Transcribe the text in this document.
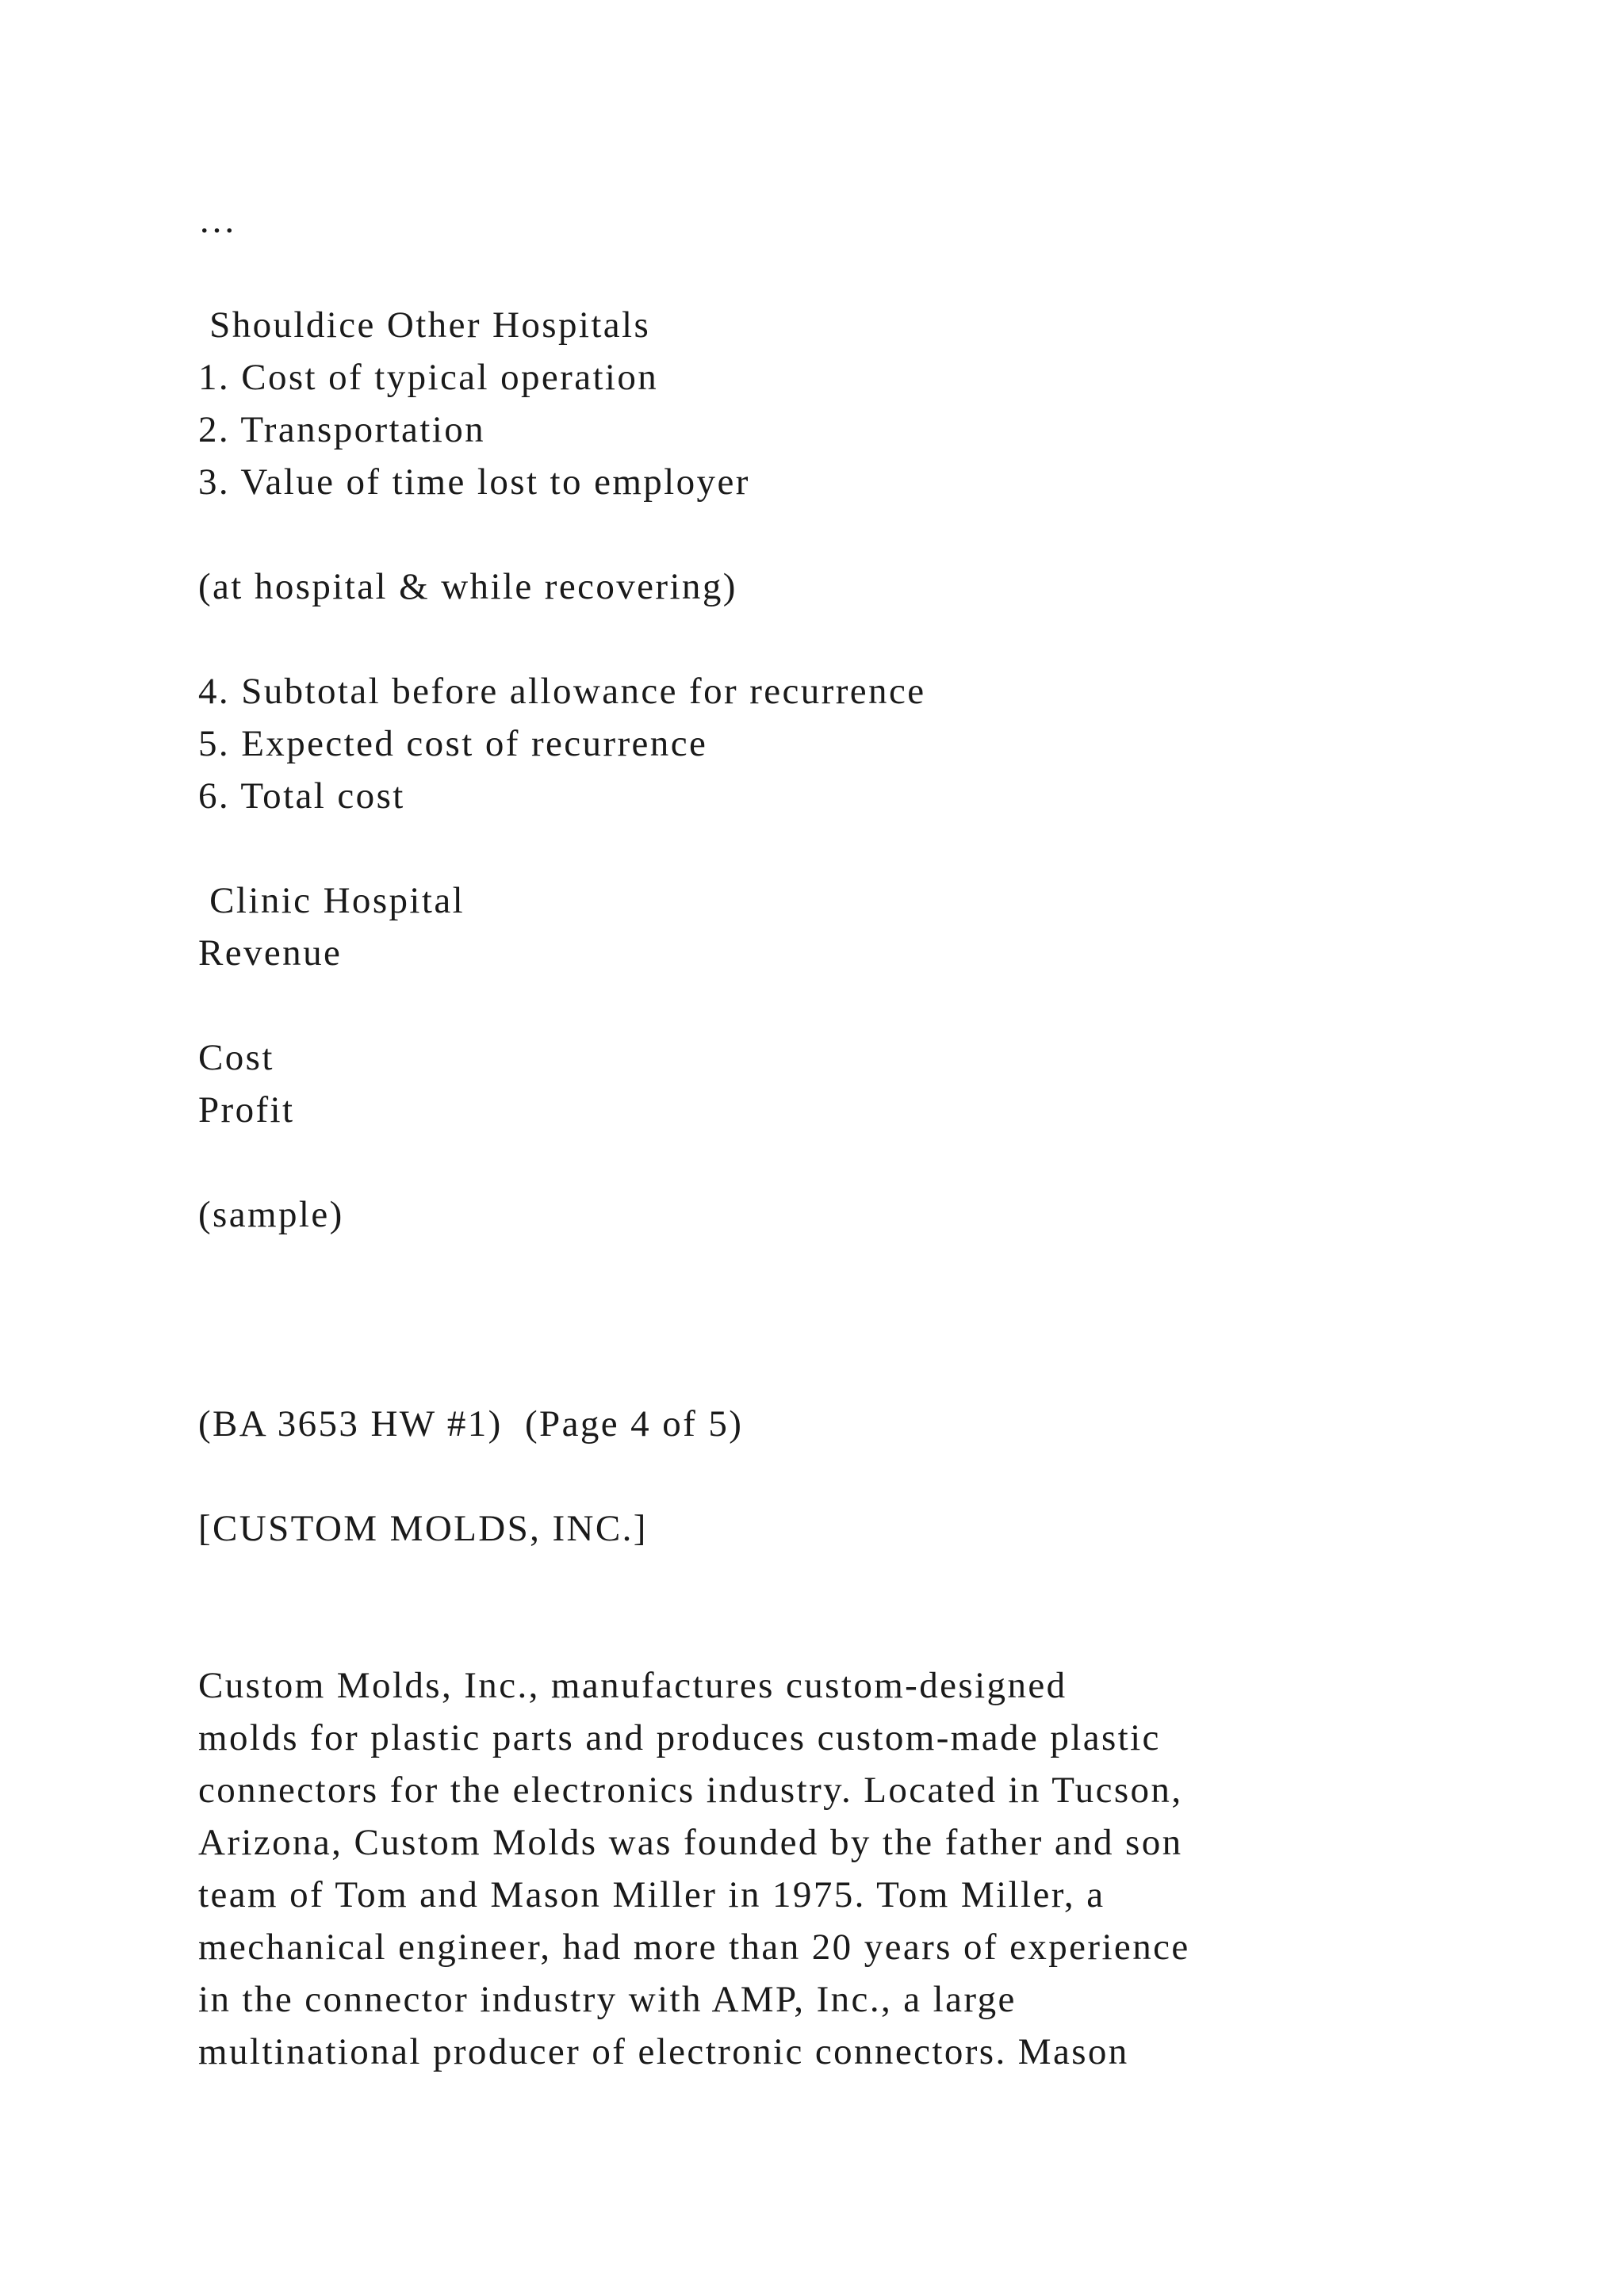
…
Shouldice Other Hospitals
1. Cost of typical operation
2. Transportation
3. Value of time lost to employer
(at hospital & while recovering)
4. Subtotal before allowance for recurrence
5. Expected cost of recurrence
6. Total cost
Clinic Hospital
Revenue
Cost
Profit
(sample)
(BA 3653 HW #1)  (Page 4 of 5)
[CUSTOM MOLDS, INC.]
Custom Molds, Inc., manufactures custom-designed
molds for plastic parts and produces custom-made plastic
connectors for the electronics industry. Located in Tucson,
Arizona, Custom Molds was founded by the father and son
team of Tom and Mason Miller in 1975. Tom Miller, a
mechanical engineer, had more than 20 years of experience
in the connector industry with AMP, Inc., a large
multinational producer of electronic connectors. Mason
